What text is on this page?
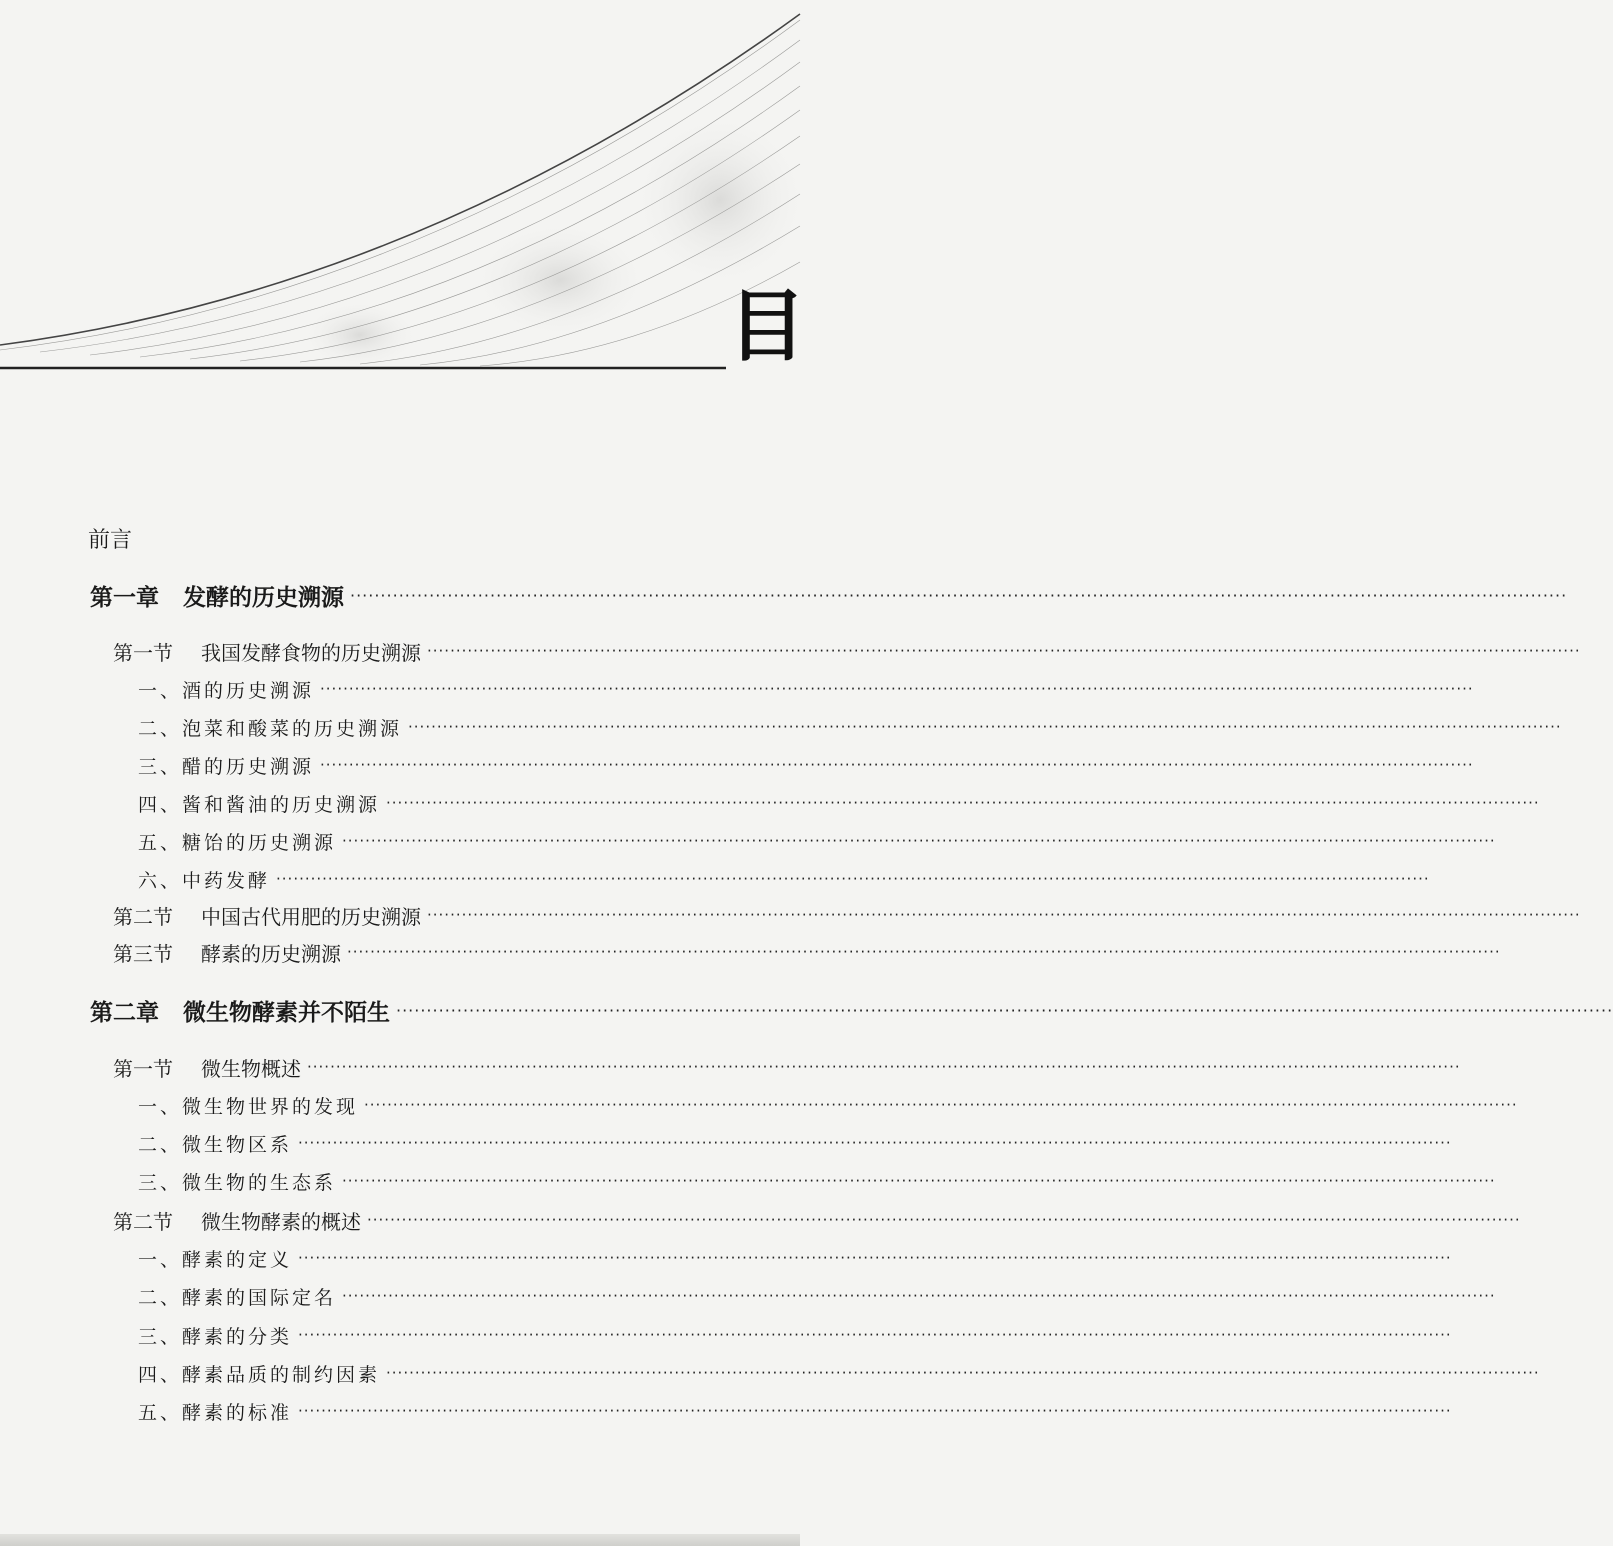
目
前言
第一章 发酵的历史溯源 ········································································································································································································
第一节 我国发酵食物的历史溯源 ········································································································································································································
一、酒的历史溯源 ········································································································································································································
二、泡菜和酸菜的历史溯源 ········································································································································································································
三、醋的历史溯源 ········································································································································································································
四、酱和酱油的历史溯源 ········································································································································································································
五、糖饴的历史溯源 ········································································································································································································
六、中药发酵 ········································································································································································································
第二节 中国古代用肥的历史溯源 ········································································································································································································
第三节 酵素的历史溯源 ········································································································································································································
第二章 微生物酵素并不陌生 ········································································································································································································
第一节 微生物概述 ········································································································································································································
一、微生物世界的发现 ········································································································································································································
二、微生物区系 ········································································································································································································
三、微生物的生态系 ········································································································································································································
第二节 微生物酵素的概述 ········································································································································································································
一、酵素的定义 ········································································································································································································
二、酵素的国际定名 ········································································································································································································
三、酵素的分类 ········································································································································································································
四、酵素品质的制约因素 ········································································································································································································
五、酵素的标准 ········································································································································································································
